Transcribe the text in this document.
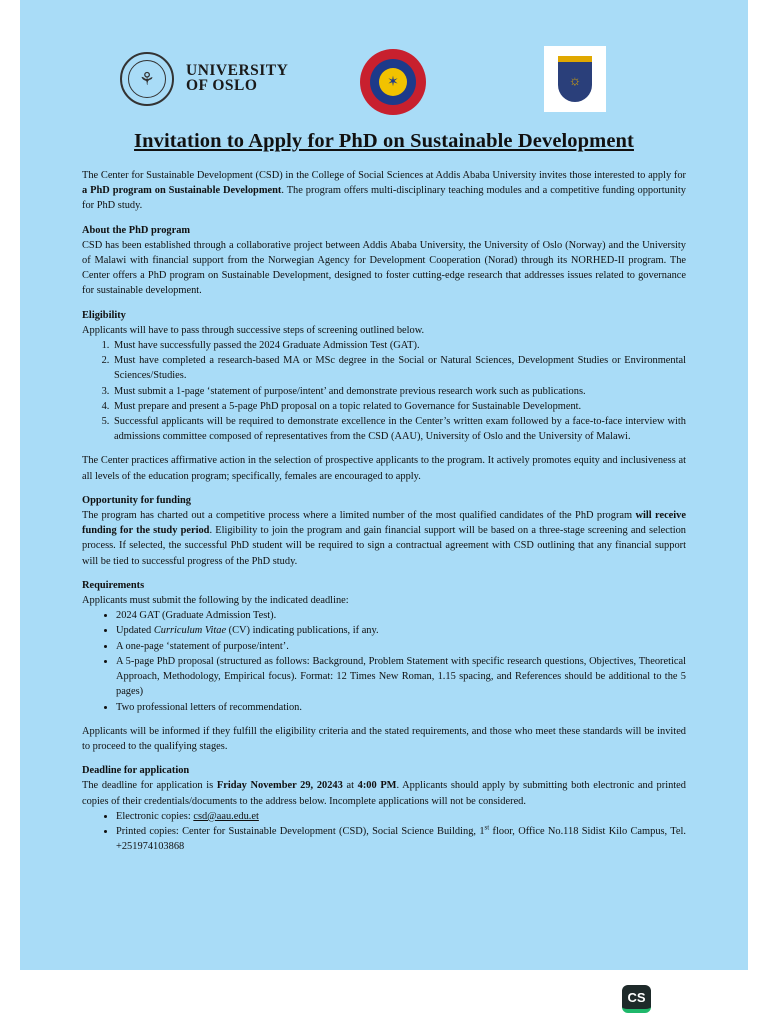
⚘	UNIVERSITY
OF OSLO	✶	☼
Invitation to Apply for PhD on Sustainable Development

The Center for Sustainable Development (CSD) in the College of Social Sciences at Addis Ababa University invites those interested to apply for a PhD program on Sustainable Development. The program offers multi-disciplinary teaching modules and a competitive funding opportunity for PhD study.

About the PhD program

CSD has been established through a collaborative project between Addis Ababa University, the University of Oslo (Norway) and the University of Malawi with financial support from the Norwegian Agency for Development Cooperation (Norad) through its NORHED-II program. The Center offers a PhD program on Sustainable Development, designed to foster cutting-edge research that addresses issues related to governance for sustainable development.

Eligibility

Applicants will have to pass through successive steps of screening outlined below.

1. Must have successfully passed the 2024 Graduate Admission Test (GAT).
2. Must have completed a research-based MA or MSc degree in the Social or Natural Sciences, Development Studies or Environmental Sciences/Studies.
3. Must submit a 1-page ‘statement of purpose/intent’ and demonstrate previous research work such as publications.
4. Must prepare and present a 5-page PhD proposal on a topic related to Governance for Sustainable Development.
5. Successful applicants will be required to demonstrate excellence in the Center’s written exam followed by a face-to-face interview with admissions committee composed of representatives from the CSD (AAU), University of Oslo and the University of Malawi.

The Center practices affirmative action in the selection of prospective applicants to the program. It actively promotes equity and inclusiveness at all levels of the education program; specifically, females are encouraged to apply.

Opportunity for funding

The program has charted out a competitive process where a limited number of the most qualified candidates of the PhD program will receive funding for the study period. Eligibility to join the program and gain financial support will be based on a three-stage screening and selection process. If selected, the successful PhD student will be required to sign a contractual agreement with CSD outlining that any financial support will be tied to successful progress of the PhD study.

Requirements

Applicants must submit the following by the indicated deadline:

• 2024 GAT (Graduate Admission Test).
• Updated Curriculum Vitae (CV) indicating publications, if any.
• A one-page ‘statement of purpose/intent’.
• A 5-page PhD proposal (structured as follows: Background, Problem Statement with specific research questions, Objectives, Theoretical Approach, Methodology, Empirical focus). Format: 12 Times New Roman, 1.15 spacing, and References should be additional to the 5 pages)
• Two professional letters of recommendation.

Applicants will be informed if they fulfill the eligibility criteria and the stated requirements, and those who meet these standards will be invited to proceed to the qualifying stages.

Deadline for application

The deadline for application is Friday November 29, 20243 at 4:00 PM. Applicants should apply by submitting both electronic and printed copies of their credentials/documents to the address below. Incomplete applications will not be considered.

• Electronic copies: csd@aau.edu.et
• Printed copies: Center for Sustainable Development (CSD), Social Science Building, 1st floor, Office No.118 Sidist Kilo Campus, Tel. +251974103868
CS
